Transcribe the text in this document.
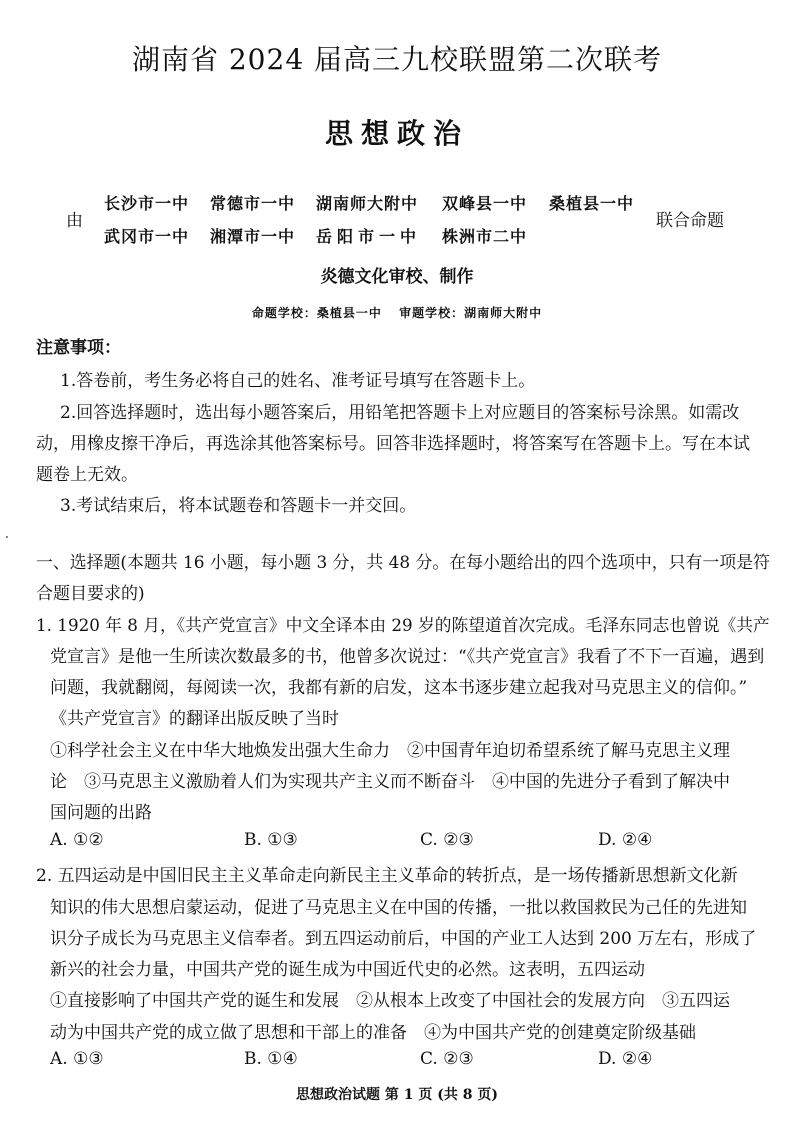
湖南省 2024 届高三九校联盟第二次联考
思想政治
由
长沙市一中 常德市一中 湖南师大附中 双峰县一中 桑植县一中
武冈市一中 湘潭市一中 岳阳市一中 株洲市二中
联合命题
炎德文化审校、制作
命题学校：桑植县一中 审题学校：湖南师大附中
注意事项：
1.答卷前，考生务必将自己的姓名、准考证号填写在答题卡上。
2.回答选择题时，选出每小题答案后，用铅笔把答题卡上对应题目的答案标号涂黑。如需改
动，用橡皮擦干净后，再选涂其他答案标号。回答非选择题时，将答案写在答题卡上。写在本试
题卷上无效。
3.考试结束后，将本试题卷和答题卡一并交回。
一、选择题(本题共 16 小题，每小题 3 分，共 48 分。在每小题给出的四个选项中，只有一项是符
合题目要求的)
1. 1920 年 8 月，《共产党宣言》中文全译本由 29 岁的陈望道首次完成。毛泽东同志也曾说《共产
党宣言》是他一生所读次数最多的书，他曾多次说过：“《共产党宣言》我看了不下一百遍，遇到
问题，我就翻阅，每阅读一次，我都有新的启发，这本书逐步建立起我对马克思主义的信仰。”
《共产党宣言》的翻译出版反映了当时
①科学社会主义在中华大地焕发出强大生命力　②中国青年迫切希望系统了解马克思主义理
论　③马克思主义激励着人们为实现共产主义而不断奋斗　④中国的先进分子看到了解决中
国问题的出路
A. ①②	B. ①③	C. ②③	D. ②④
2. 五四运动是中国旧民主主义革命走向新民主主义革命的转折点，是一场传播新思想新文化新
知识的伟大思想启蒙运动，促进了马克思主义在中国的传播，一批以救国救民为己任的先进知
识分子成长为马克思主义信奉者。到五四运动前后，中国的产业工人达到 200 万左右，形成了
新兴的社会力量，中国共产党的诞生成为中国近代史的必然。这表明，五四运动
①直接影响了中国共产党的诞生和发展　②从根本上改变了中国社会的发展方向　③五四运
动为中国共产党的成立做了思想和干部上的准备　④为中国共产党的创建奠定阶级基础
A. ①③	B. ①④	C. ②③	D. ②④
思想政治试题 第 1 页 (共 8 页)
